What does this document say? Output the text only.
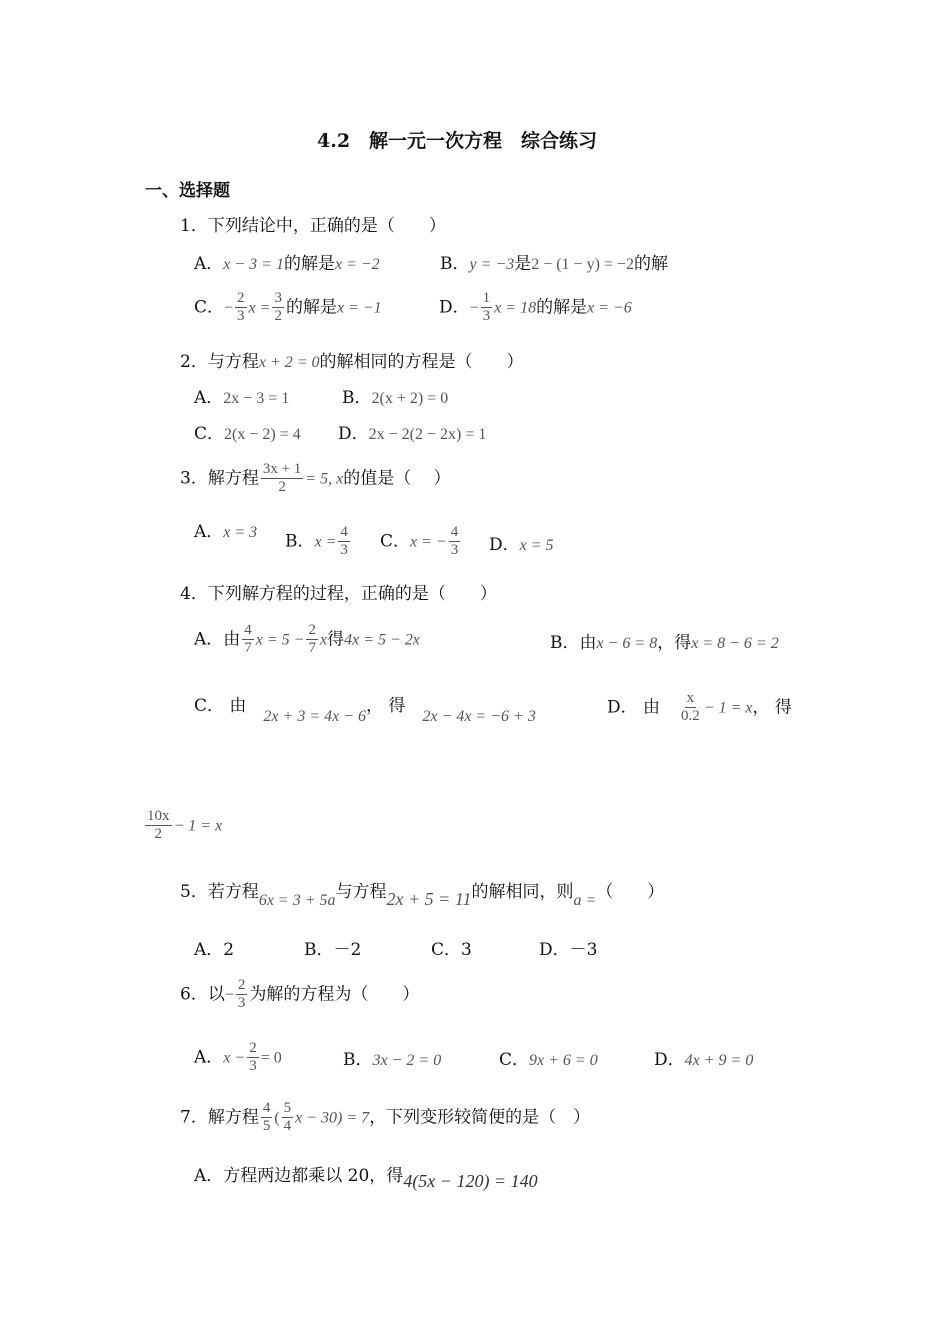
4.2　解一元一次方程　综合练习
一、选择题
1．下列结论中，正确的是（　　）
A．x − 3 = 1的解是x = −2	B．y = −3是2 − (1 − y) = −2的解
C．− $\frac{2}{3}$ $x = \frac{3}{2}$ 的解是x = −1	D．− $\frac{1}{3}$ x = 18的解是x = −6
2．与方程x + 2 = 0的解相同的方程是（　　）
A．2x − 3 = 1	B．2(x + 2) = 0
C．2(x − 2) = 4 D．2x − 2(2 − 2x) = 1
3．解方程 $\frac{3x + 1}{2} = 5$, x的值是（　 ）
A．x = 3 B．$x = \frac{4}{3}$ C．x = − $\frac{4}{3}$ D．x = 5
4．下列解方程的过程，正确的是（　　）
A．由 $\frac{4}{7}$ $x = 5 - \frac{2}{7}$ x得4x = 5 − 2x	B．由x − 6 = 8，得x = 8 − 6 = 2
C． 由　2x + 3 = 4x − 6， 得　2x − 4x = −6 + 3	D． 由　 $\frac{x}{0.2} - 1 = x$， 得
$\frac{10x}{2} - 1 = x$
5．若方程6x = 3 + 5a与方程2x + 5 = 11的解相同，则a =（　　）
A．2	B．－2	C．3	D．－3
6．以− $\frac{2}{3}$ 为解的方程为（　　）
A．$x - \frac{2}{3} = 0$	B．3x − 2 = 0	C．9x + 6 = 0	D．4x + 9 = 0
7．解方程 $\frac{4}{5}$ ( $\frac{5}{4}$ x − 30) = 7，下列变形较简便的是（　）
A．方程两边都乘以 20，得4(5x − 120) = 140
